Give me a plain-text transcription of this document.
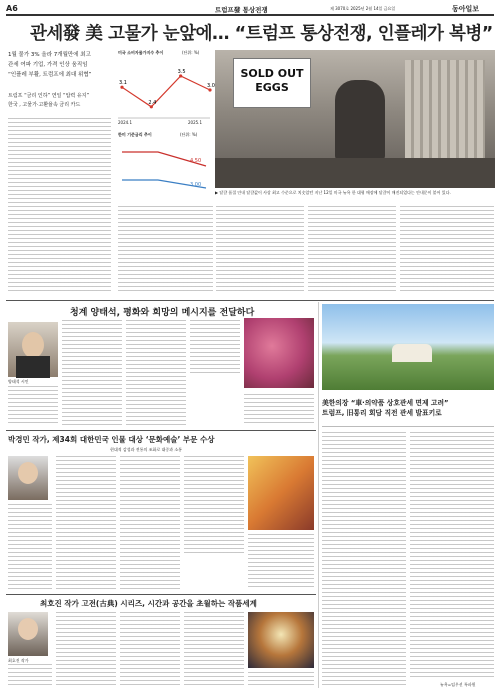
A6	트럼프發 통상전쟁	제 3070호 2025년 2월 14일 금요일	동아일보
관세發 美 고물가 눈앞에… “트럼프 통상전쟁, 인플레가 복병”
1월 물가 3% 올라 7개월만에 최고
관세 여파 기업, 가격 인상 움직임
“인플레 부활, 트럼프에 최대 위협”
트럼프 “금리 인하” 연일 “압력 유지”
한국 , 고물가·고환율속 금리 카드
미국 소비자물가지수 추이	(단위: %)
3.1
2.4
3.5
3.0
2024.1	2025.1
한미 기준금리 추이	(단위: %)
4.50
3.00
SOLD OUT EGGS
▶ 달걀 품절 안내 달걀값이 사상 최고 수준으로 치솟았던 지난 12일 미국 뉴욕 한 대형 매장에 달걀이 매진되었다는 안내문이 붙어 있다.
청계 양태석, 평화와 희망의 메시지를 전달하다
양태석 시인
美한의장 “車·의약품 상호관세 면제 고려”
트럼프, 旧통리 회담 직전 관세 발표키로
뉴욕=임우선 특파원
박경민 작가, 제34회 대한민국 인물 대상 ‘문화예술’ 부문 수상
현대적 감성과 전통의 조화로 대중과 소통
최호진 작가 고전(古典) 시리즈, 시간과 공간을 초월하는 작품세계
최호진 작가
